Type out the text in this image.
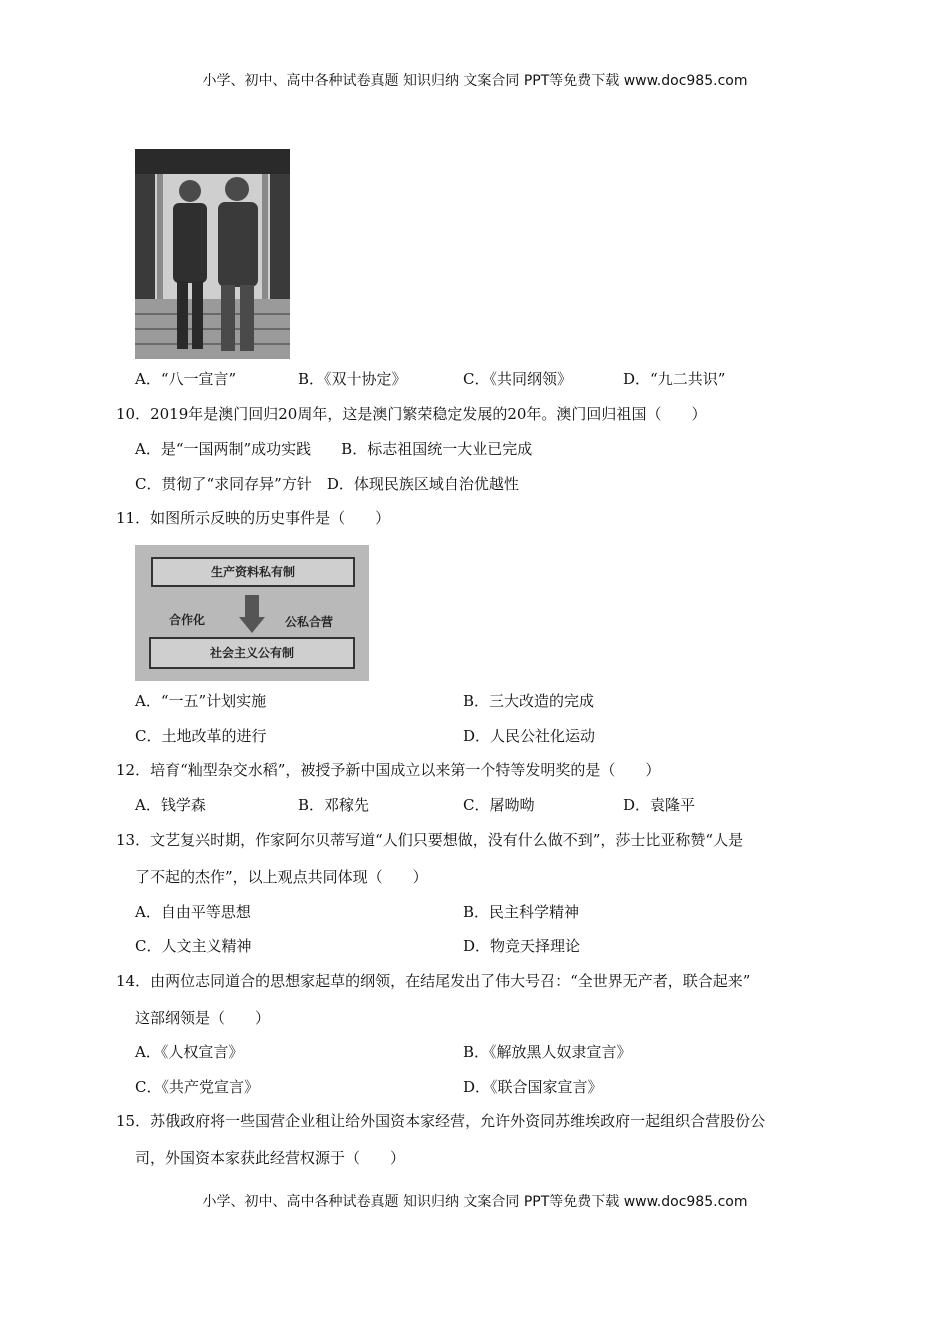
小学、初中、高中各种试卷真题 知识归纳 文案合同 PPT等免费下载 www.doc985.com
A．“八一宣言”	B．《双十协定》	C．《共同纲领》	D．“九二共识”
10．2019年是澳门回归20周年，这是澳门繁荣稳定发展的20年。澳门回归祖国（　　）
A．是“一国两制”成功实践　　B．标志祖国统一大业已完成
C．贯彻了“求同存异”方针　D．体现民族区域自治优越性
11．如图所示反映的历史事件是（　　）
生产资料私有制
合作化	公私合营
社会主义公有制
A．“一五”计划实施	B．三大改造的完成
C．土地改革的进行	D．人民公社化运动
12．培育“籼型杂交水稻”，被授予新中国成立以来第一个特等发明奖的是（　　）
A．钱学森	B．邓稼先	C．屠呦呦	D．袁隆平
13．文艺复兴时期，作家阿尔贝蒂写道“人们只要想做，没有什么做不到”，莎士比亚称赞“人是
了不起的杰作”，以上观点共同体现（　　）
A．自由平等思想	B．民主科学精神
C．人文主义精神	D．物竞天择理论
14．由两位志同道合的思想家起草的纲领，在结尾发出了伟大号召：“全世界无产者，联合起来”
这部纲领是（　　）
A．《人权宣言》	B．《解放黑人奴隶宣言》
C．《共产党宣言》	D．《联合国家宣言》
15．苏俄政府将一些国营企业租让给外国资本家经营，允许外资同苏维埃政府一起组织合营股份公
司，外国资本家获此经营权源于（　　）
小学、初中、高中各种试卷真题 知识归纳 文案合同 PPT等免费下载 www.doc985.com
